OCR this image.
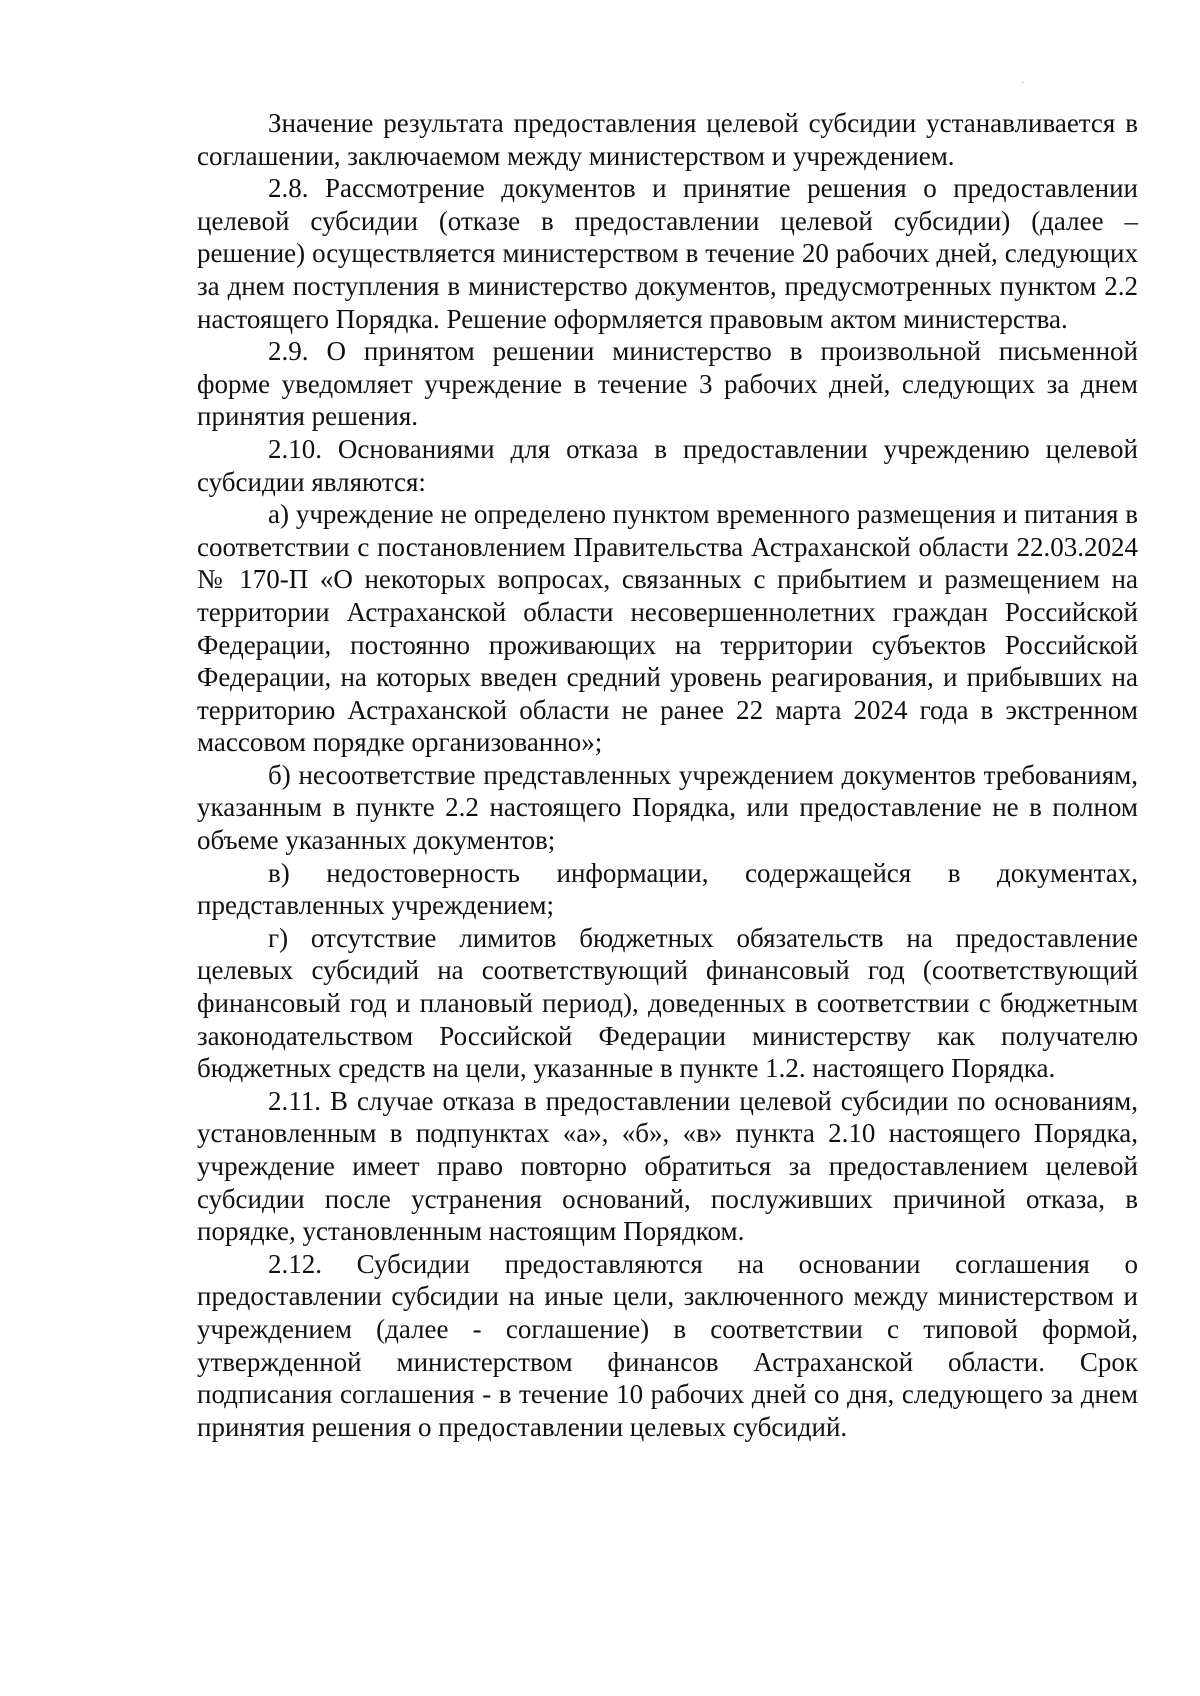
Значение результата предоставления целевой субсидии устанавливается в соглашении, заключаемом между министерством и учреждением.

2.8. Рассмотрение документов и принятие решения о предоставлении целевой субсидии (отказе в предоставлении целевой субсидии) (далее – решение) осуществляется министерством в течение 20 рабочих дней, следующих за днем поступления в министерство документов, предусмотренных пунктом 2.2 настоящего Порядка. Решение оформляется правовым актом министерства.

2.9. О принятом решении министерство в произвольной письменной форме уведомляет учреждение в течение 3 рабочих дней, следующих за днем принятия решения.

2.10. Основаниями для отказа в предоставлении учреждению целевой субсидии являются:

а) учреждение не определено пунктом временного размещения и питания в соответствии с постановлением Правительства Астраханской области 22.03.2024 № 170-П «О некоторых вопросах, связанных с прибытием и размещением на территории Астраханской области несовершеннолетних граждан Российской Федерации, постоянно проживающих на территории субъектов Российской Федерации, на которых введен средний уровень реагирования, и прибывших на территорию Астраханской области не ранее 22 марта 2024 года в экстренном массовом порядке организованно»;

б) несоответствие представленных учреждением документов требованиям, указанным в пункте 2.2 настоящего Порядка, или предоставление не в полном объеме указанных документов;

в) недостоверность информации, содержащейся в документах, представленных учреждением;

г) отсутствие лимитов бюджетных обязательств на предоставление целевых субсидий на соответствующий финансовый год (соответствующий финансовый год и плановый период), доведенных в соответствии с бюджетным законодательством Российской Федерации министерству как получателю бюджетных средств на цели, указанные в пункте 1.2. настоящего Порядка.

2.11. В случае отказа в предоставлении целевой субсидии по основаниям, установленным в подпунктах «а», «б», «в» пункта 2.10 настоящего Порядка, учреждение имеет право повторно обратиться за предоставлением целевой субсидии после устранения оснований, послуживших причиной отказа, в порядке, установленным настоящим Порядком.

2.12. Субсидии предоставляются на основании соглашения о предоставлении субсидии на иные цели, заключенного между министерством и учреждением (далее - соглашение) в соответствии с типовой формой, утвержденной министерством финансов Астраханской области. Срок подписания соглашения - в течение 10 рабочих дней со дня, следующего за днем принятия решения о предоставлении целевых субсидий.
